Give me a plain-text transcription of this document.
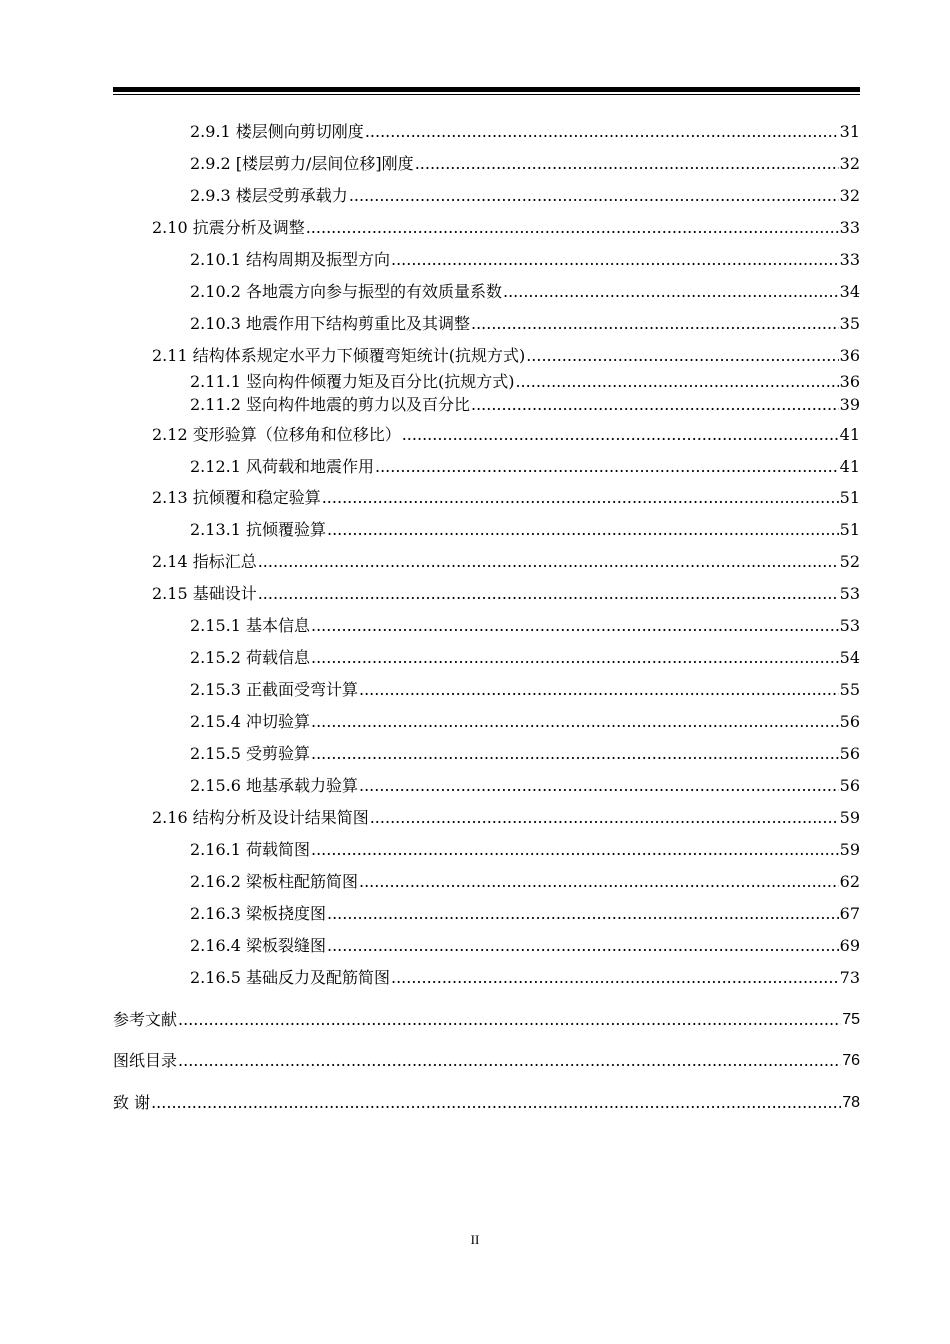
2.9.1 楼层侧向剪切刚度 .....	31
2.9.2 [楼层剪力/层间位移]刚度 .....	32
2.9.3 楼层受剪承载力 .....	32
2.10 抗震分析及调整 .....	33
2.10.1 结构周期及振型方向 .....	33
2.10.2 各地震方向参与振型的有效质量系数 .....	34
2.10.3 地震作用下结构剪重比及其调整 .....	35
2.11 结构体系规定水平力下倾覆弯矩统计(抗规方式) .....	36
2.11.1 竖向构件倾覆力矩及百分比(抗规方式) .....	36
2.11.2 竖向构件地震的剪力以及百分比 .....	39
2.12 变形验算（位移角和位移比） .....	41
2.12.1 风荷载和地震作用 .....	41
2.13 抗倾覆和稳定验算 .....	51
2.13.1 抗倾覆验算 .....	51
2.14 指标汇总 .....	52
2.15 基础设计 .....	53
2.15.1 基本信息 .....	53
2.15.2 荷载信息 .....	54
2.15.3 正截面受弯计算 .....	55
2.15.4 冲切验算 .....	56
2.15.5 受剪验算 .....	56
2.15.6 地基承载力验算 .....	56
2.16 结构分析及设计结果简图 .....	59
2.16.1 荷载简图 .....	59
2.16.2 梁板柱配筋简图 .....	62
2.16.3 梁板挠度图 .....	67
2.16.4 梁板裂缝图 .....	69
2.16.5 基础反力及配筋简图 .....	73
参考文献 .....	75
图纸目录 .....	76
致 谢 .....	78
II
